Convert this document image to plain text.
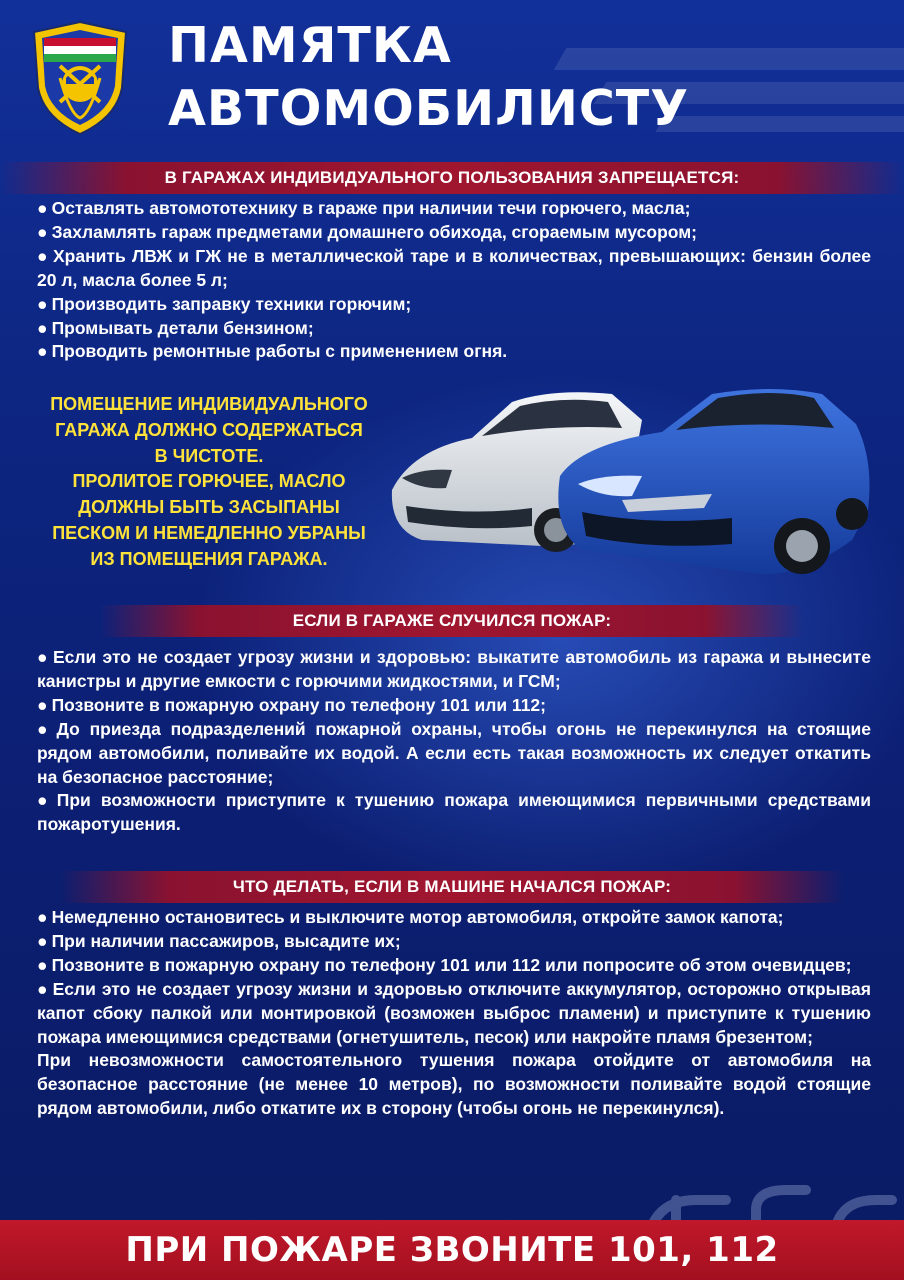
ПАМЯТКА
АВТОМОБИЛИСТУ
В ГАРАЖАХ ИНДИВИДУАЛЬНОГО ПОЛЬЗОВАНИЯ ЗАПРЕЩАЕТСЯ:
● Оставлять автомототехнику в гараже при наличии течи горючего, масла;
● Захламлять гараж предметами домашнего обихода, сгораемым мусором;
● Хранить ЛВЖ и ГЖ не в металлической таре и в количествах, превышающих: бензин более 20 л, масла более 5 л;
● Производить заправку техники горючим;
● Промывать детали бензином;
● Проводить ремонтные работы с применением огня.
ПОМЕЩЕНИЕ ИНДИВИДУАЛЬНОГО
ГАРАЖА ДОЛЖНО СОДЕРЖАТЬСЯ
В ЧИСТОТЕ.
ПРОЛИТОЕ ГОРЮЧЕЕ, МАСЛО
ДОЛЖНЫ БЫТЬ ЗАСЫПАНЫ
ПЕСКОМ И НЕМЕДЛЕННО УБРАНЫ
ИЗ ПОМЕЩЕНИЯ ГАРАЖА.
ЕСЛИ В ГАРАЖЕ СЛУЧИЛСЯ ПОЖАР:
● Если это не создает угрозу жизни и здоровью: выкатите автомобиль из гаража и вынесите канистры и другие емкости с горючими жидкостями, и ГСМ;
● Позвоните в пожарную охрану по телефону 101 или 112;
● До приезда подразделений пожарной охраны, чтобы огонь не перекинулся на стоящие рядом автомобили, поливайте их водой. А если есть такая возможность их следует откатить на безопасное расстояние;
● При возможности приступите к тушению пожара имеющимися первичными средствами пожаротушения.
ЧТО ДЕЛАТЬ, ЕСЛИ В МАШИНЕ НАЧАЛСЯ ПОЖАР:
● Немедленно остановитесь и выключите мотор автомобиля, откройте замок капота;
● При наличии пассажиров, высадите их;
● Позвоните в пожарную охрану по телефону 101 или 112 или попросите об этом очевидцев;
● Если это не создает угрозу жизни и здоровью отключите аккумулятор, осторожно открывая капот сбоку палкой или монтировкой (возможен выброс пламени) и приступите к тушению пожара имеющимися средствами (огнетушитель, песок) или накройте пламя брезентом;
При невозможности самостоятельного тушения пожара отойдите от автомобиля на безопасное расстояние (не менее 10 метров), по возможности поливайте водой стоящие рядом автомобили, либо откатите их в сторону (чтобы огонь не перекинулся).
ПРИ ПОЖАРЕ ЗВОНИТЕ 101, 112
